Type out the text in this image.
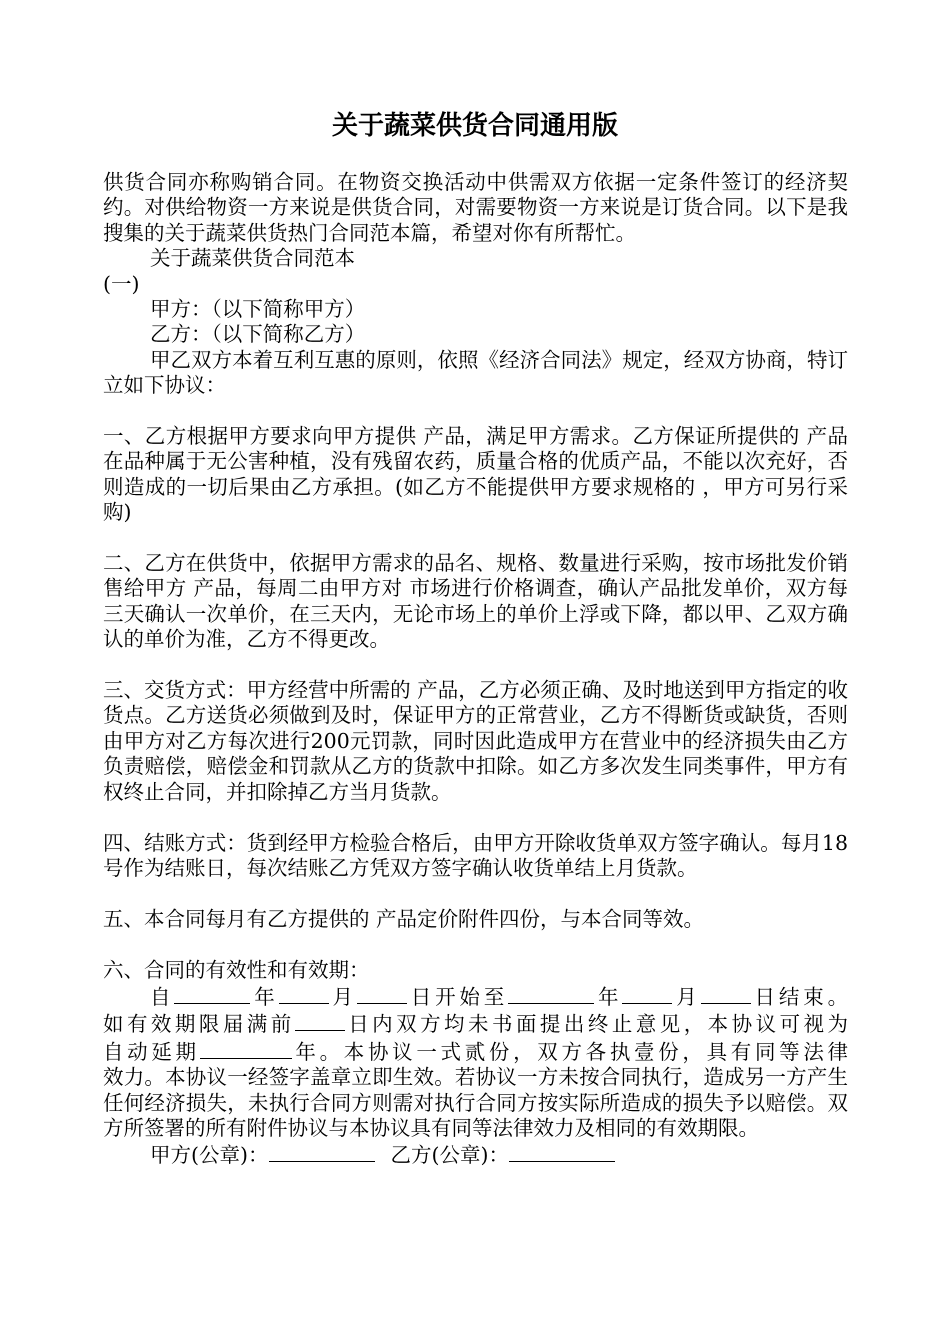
关于蔬菜供货合同通用版

供货合同亦称购销合同。在物资交换活动中供需双方依据一定条件签订的经济契约。对供给物资一方来说是供货合同，对需要物资一方来说是订货合同。以下是我搜集的关于蔬菜供货热门合同范本篇，希望对你有所帮忙。

关于蔬菜供货合同范本

(一)

甲方：（以下简称甲方）

乙方：（以下简称乙方）

甲乙双方本着互利互惠的原则，依照《经济合同法》规定，经双方协商，特订立如下协议：

一、乙方根据甲方要求向甲方提供 产品，满足甲方需求。乙方保证所提供的 产品在品种属于无公害种植，没有残留农药，质量合格的优质产品，不能以次充好，否则造成的一切后果由乙方承担。(如乙方不能提供甲方要求规格的 ，甲方可另行采购)

二、乙方在供货中，依据甲方需求的品名、规格、数量进行采购，按市场批发价销售给甲方 产品，每周二由甲方对 市场进行价格调查，确认产品批发单价，双方每三天确认一次单价，在三天内，无论市场上的单价上浮或下降，都以甲、乙双方确认的单价为准，乙方不得更改。

三、交货方式：甲方经营中所需的 产品，乙方必须正确、及时地送到甲方指定的收货点。乙方送货必须做到及时，保证甲方的正常营业，乙方不得断货或缺货，否则由甲方对乙方每次进行200元罚款，同时因此造成甲方在营业中的经济损失由乙方负责赔偿，赔偿金和罚款从乙方的货款中扣除。如乙方多次发生同类事件，甲方有权终止合同，并扣除掉乙方当月货款。

四、结账方式：货到经甲方检验合格后，由甲方开除收货单双方签字确认。每月18号作为结账日，每次结账乙方凭双方签字确认收货单结上月货款。

五、本合同每月有乙方提供的 产品定价附件四份，与本合同等效。

六、合同的有效性和有效期：

自	年 月 日开始至	年 月 日结束。

如有效期限届满前 日内双方均未书面提出终止意见，本协议可视为

自动延期	年。本协议一式贰份，双方各执壹份，具有同等法律

效力。本协议一经签字盖章立即生效。若协议一方未按合同执行，造成另一方产生任何经济损失，未执行合同方则需对执行合同方按实际所造成的损失予以赔偿。双方所签署的所有附件协议与本协议具有同等法律效力及相同的有效期限。

甲方(公章)：	乙方(公章)：
